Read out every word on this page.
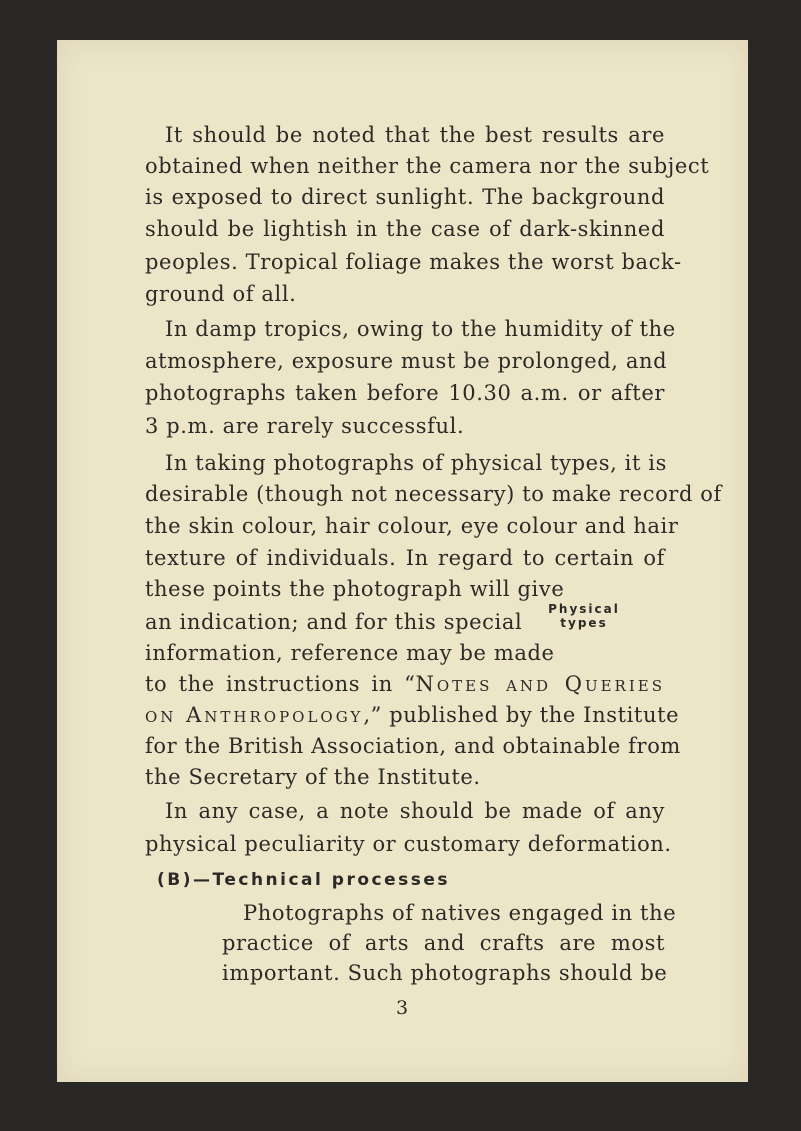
It should be noted that the best results are
obtained when neither the camera nor the subject
is exposed to direct sunlight. The background
should be lightish in the case of dark-skinned
peoples. Tropical foliage makes the worst back-
ground of all.
In damp tropics, owing to the humidity of the
atmosphere, exposure must be prolonged, and
photographs taken before 10.30 a.m. or after
3 p.m. are rarely successful.
In taking photographs of physical types, it is
desirable (though not necessary) to make record of
the skin colour, hair colour, eye colour and hair
texture of individuals. In regard to certain of
these points the photograph will give
an indication; and for this special
information, reference may be made
to the instructions in “Notes and Queries
on Anthropology,” published by the Institute
for the British Association, and obtainable from
the Secretary of the Institute.
In any case, a note should be made of any
physical peculiarity or customary deformation.
(B)—Technical processes
Photographs of natives engaged in the
practice of arts and crafts are most
important. Such photographs should be
Physical
types
3
